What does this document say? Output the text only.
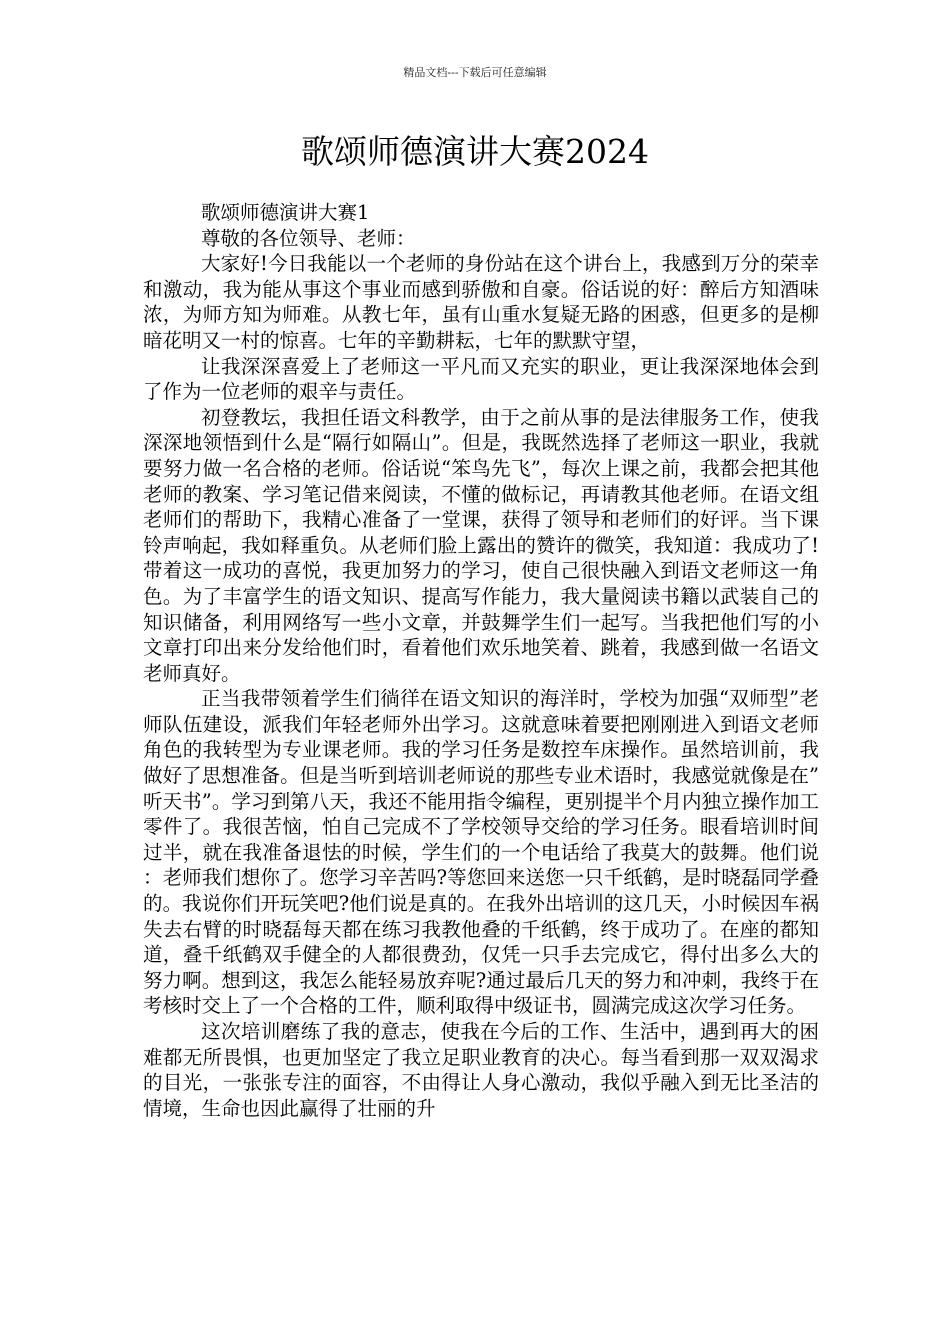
精品文档---下载后可任意编辑
歌颂师德演讲大赛2024

歌颂师德演讲大赛1

尊敬的各位领导、老师：

大家好!今日我能以一个老师的身份站在这个讲台上，我感到万分的荣幸和激动，我为能从事这个事业而感到骄傲和自豪。俗话说的好：醉后方知酒味浓，为师方知为师难。从教七年，虽有山重水复疑无路的困惑，但更多的是柳暗花明又一村的惊喜。七年的辛勤耕耘，七年的默默守望，

让我深深喜爱上了老师这一平凡而又充实的职业，更让我深深地体会到了作为一位老师的艰辛与责任。

初登教坛，我担任语文科教学，由于之前从事的是法律服务工作，使我深深地领悟到什么是“隔行如隔山”。但是，我既然选择了老师这一职业，我就要努力做一名合格的老师。俗话说“笨鸟先飞”，每次上课之前，我都会把其他老师的教案、学习笔记借来阅读，不懂的做标记，再请教其他老师。在语文组老师们的帮助下，我精心准备了一堂课，获得了领导和老师们的好评。当下课铃声响起，我如释重负。从老师们脸上露出的赞许的微笑，我知道：我成功了!带着这一成功的喜悦，我更加努力的学习，使自己很快融入到语文老师这一角色。为了丰富学生的语文知识、提高写作能力，我大量阅读书籍以武装自己的知识储备，利用网络写一些小文章，并鼓舞学生们一起写。当我把他们写的小文章打印出来分发给他们时，看着他们欢乐地笑着、跳着，我感到做一名语文老师真好。

正当我带领着学生们徜徉在语文知识的海洋时，学校为加强“双师型”老师队伍建设，派我们年轻老师外出学习。这就意味着要把刚刚进入到语文老师角色的我转型为专业课老师。我的学习任务是数控车床操作。虽然培训前，我做好了思想准备。但是当听到培训老师说的那些专业术语时，我感觉就像是在”听天书”。学习到第八天，我还不能用指令编程，更别提半个月内独立操作加工零件了。我很苦恼，怕自己完成不了学校领导交给的学习任务。眼看培训时间过半，就在我准备退怯的时候，学生们的一个电话给了我莫大的鼓舞。他们说：老师我们想你了。您学习辛苦吗?等您回来送您一只千纸鹤，是时晓磊同学叠的。我说你们开玩笑吧?他们说是真的。在我外出培训的这几天，小时候因车祸失去右臂的时晓磊每天都在练习我教他叠的千纸鹤，终于成功了。在座的都知道，叠千纸鹤双手健全的人都很费劲，仅凭一只手去完成它，得付出多么大的努力啊。想到这，我怎么能轻易放弃呢?通过最后几天的努力和冲刺，我终于在考核时交上了一个合格的工件，顺利取得中级证书，圆满完成这次学习任务。

这次培训磨练了我的意志，使我在今后的工作、生活中，遇到再大的困难都无所畏惧，也更加坚定了我立足职业教育的决心。每当看到那一双双渴求的目光，一张张专注的面容，不由得让人身心激动，我似乎融入到无比圣洁的情境，生命也因此赢得了壮丽的升
